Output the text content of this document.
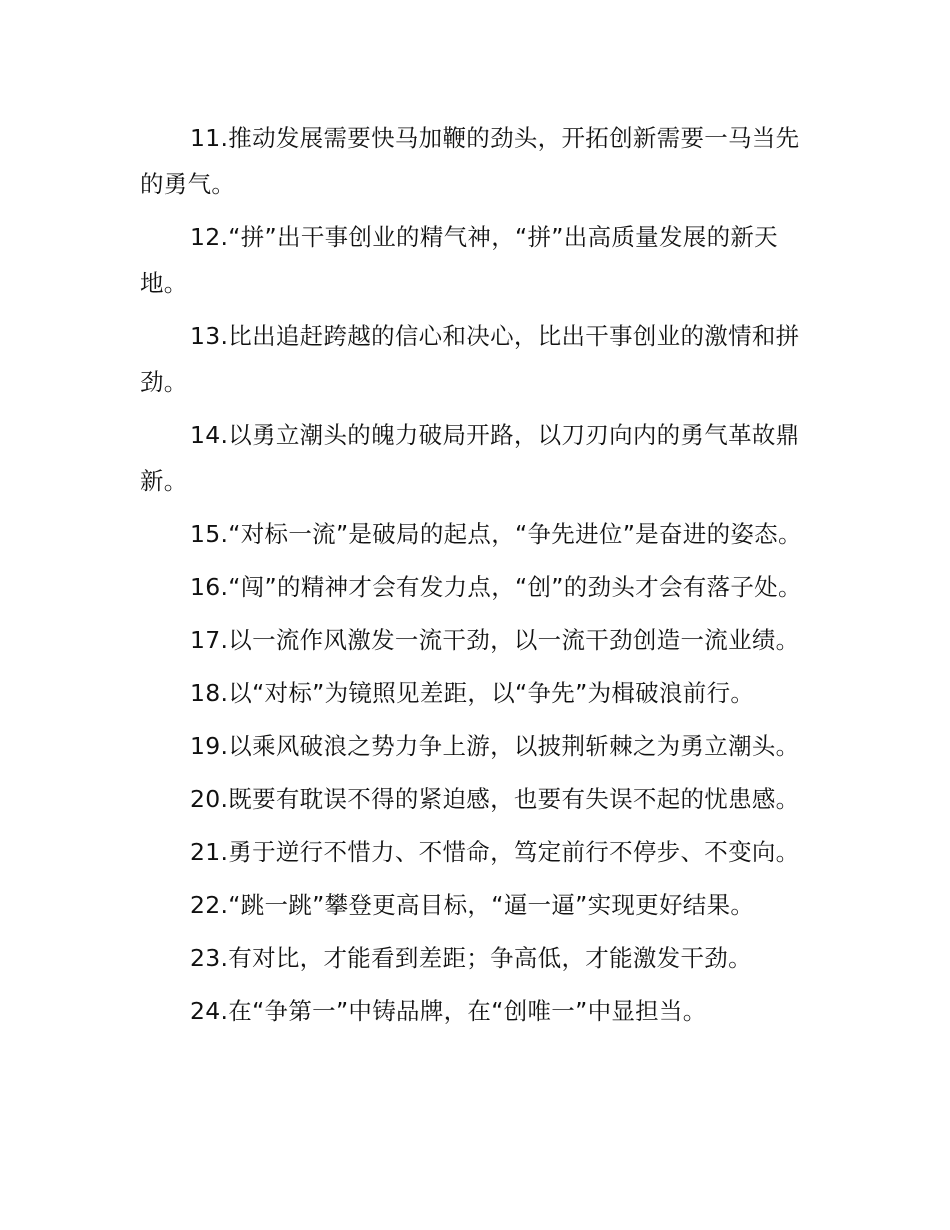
11.推动发展需要快马加鞭的劲头，开拓创新需要一马当先的勇气。

12.“拼”出干事创业的精气神，“拼”出高质量发展的新天地。

13.比出追赶跨越的信心和决心，比出干事创业的激情和拼劲。

14.以勇立潮头的魄力破局开路，以刀刃向内的勇气革故鼎新。

15.“对标一流”是破局的起点，“争先进位”是奋进的姿态。

16.“闯”的精神才会有发力点，“创”的劲头才会有落子处。

17.以一流作风激发一流干劲，以一流干劲创造一流业绩。

18.以“对标”为镜照见差距，以“争先”为楫破浪前行。

19.以乘风破浪之势力争上游，以披荆斩棘之为勇立潮头。

20.既要有耽误不得的紧迫感，也要有失误不起的忧患感。

21.勇于逆行不惜力、不惜命，笃定前行不停步、不变向。

22.“跳一跳”攀登更高目标，“逼一逼”实现更好结果。

23.有对比，才能看到差距；争高低，才能激发干劲。

24.在“争第一”中铸品牌，在“创唯一”中显担当。
